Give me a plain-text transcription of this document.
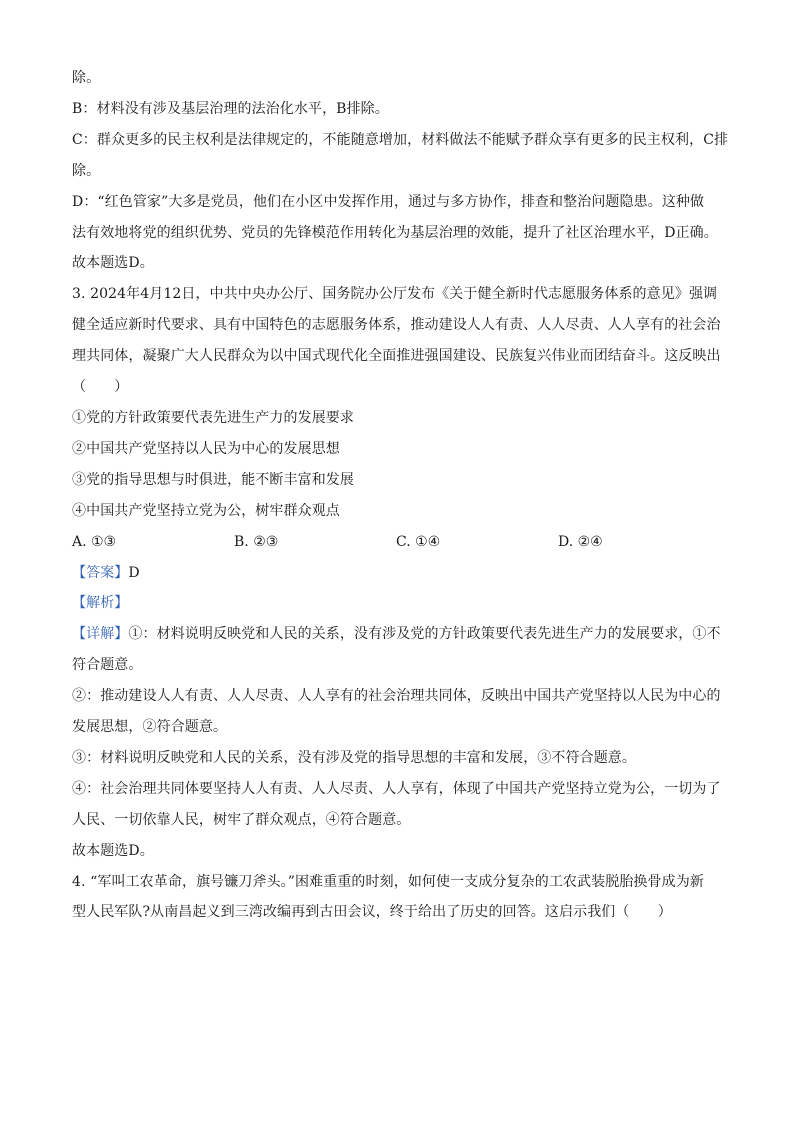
除。
B：材料没有涉及基层治理的法治化水平，B排除。
C：群众更多的民主权利是法律规定的，不能随意增加，材料做法不能赋予群众享有更多的民主权利，C排
除。
D：“红色管家”大多是党员，他们在小区中发挥作用，通过与多方协作，排查和整治问题隐患。这种做
法有效地将党的组织优势、党员的先锋模范作用转化为基层治理的效能，提升了社区治理水平，D正确。
故本题选D。
3. 2024年4月12日，中共中央办公厅、国务院办公厅发布《关于健全新时代志愿服务体系的意见》强调
健全适应新时代要求、具有中国特色的志愿服务体系，推动建设人人有责、人人尽责、人人享有的社会治
理共同体，凝聚广大人民群众为以中国式现代化全面推进强国建设、民族复兴伟业而团结奋斗。这反映出
（　　）
①党的方针政策要代表先进生产力的发展要求
②中国共产党坚持以人民为中心的发展思想
③党的指导思想与时俱进，能不断丰富和发展
④中国共产党坚持立党为公，树牢群众观点
A. ①③	B. ②③	C. ①④	D. ②④
【答案】D
【解析】
【详解】①：材料说明反映党和人民的关系，没有涉及党的方针政策要代表先进生产力的发展要求，①不
符合题意。
②：推动建设人人有责、人人尽责、人人享有的社会治理共同体，反映出中国共产党坚持以人民为中心的
发展思想，②符合题意。
③：材料说明反映党和人民的关系，没有涉及党的指导思想的丰富和发展，③不符合题意。
④：社会治理共同体要坚持人人有责、人人尽责、人人享有，体现了中国共产党坚持立党为公，一切为了
人民、一切依靠人民，树牢了群众观点，④符合题意。
故本题选D。
4. “军叫工农革命，旗号镰刀斧头。”困难重重的时刻，如何使一支成分复杂的工农武装脱胎换骨成为新
型人民军队?从南昌起义到三湾改编再到古田会议，终于给出了历史的回答。这启示我们（　　）
